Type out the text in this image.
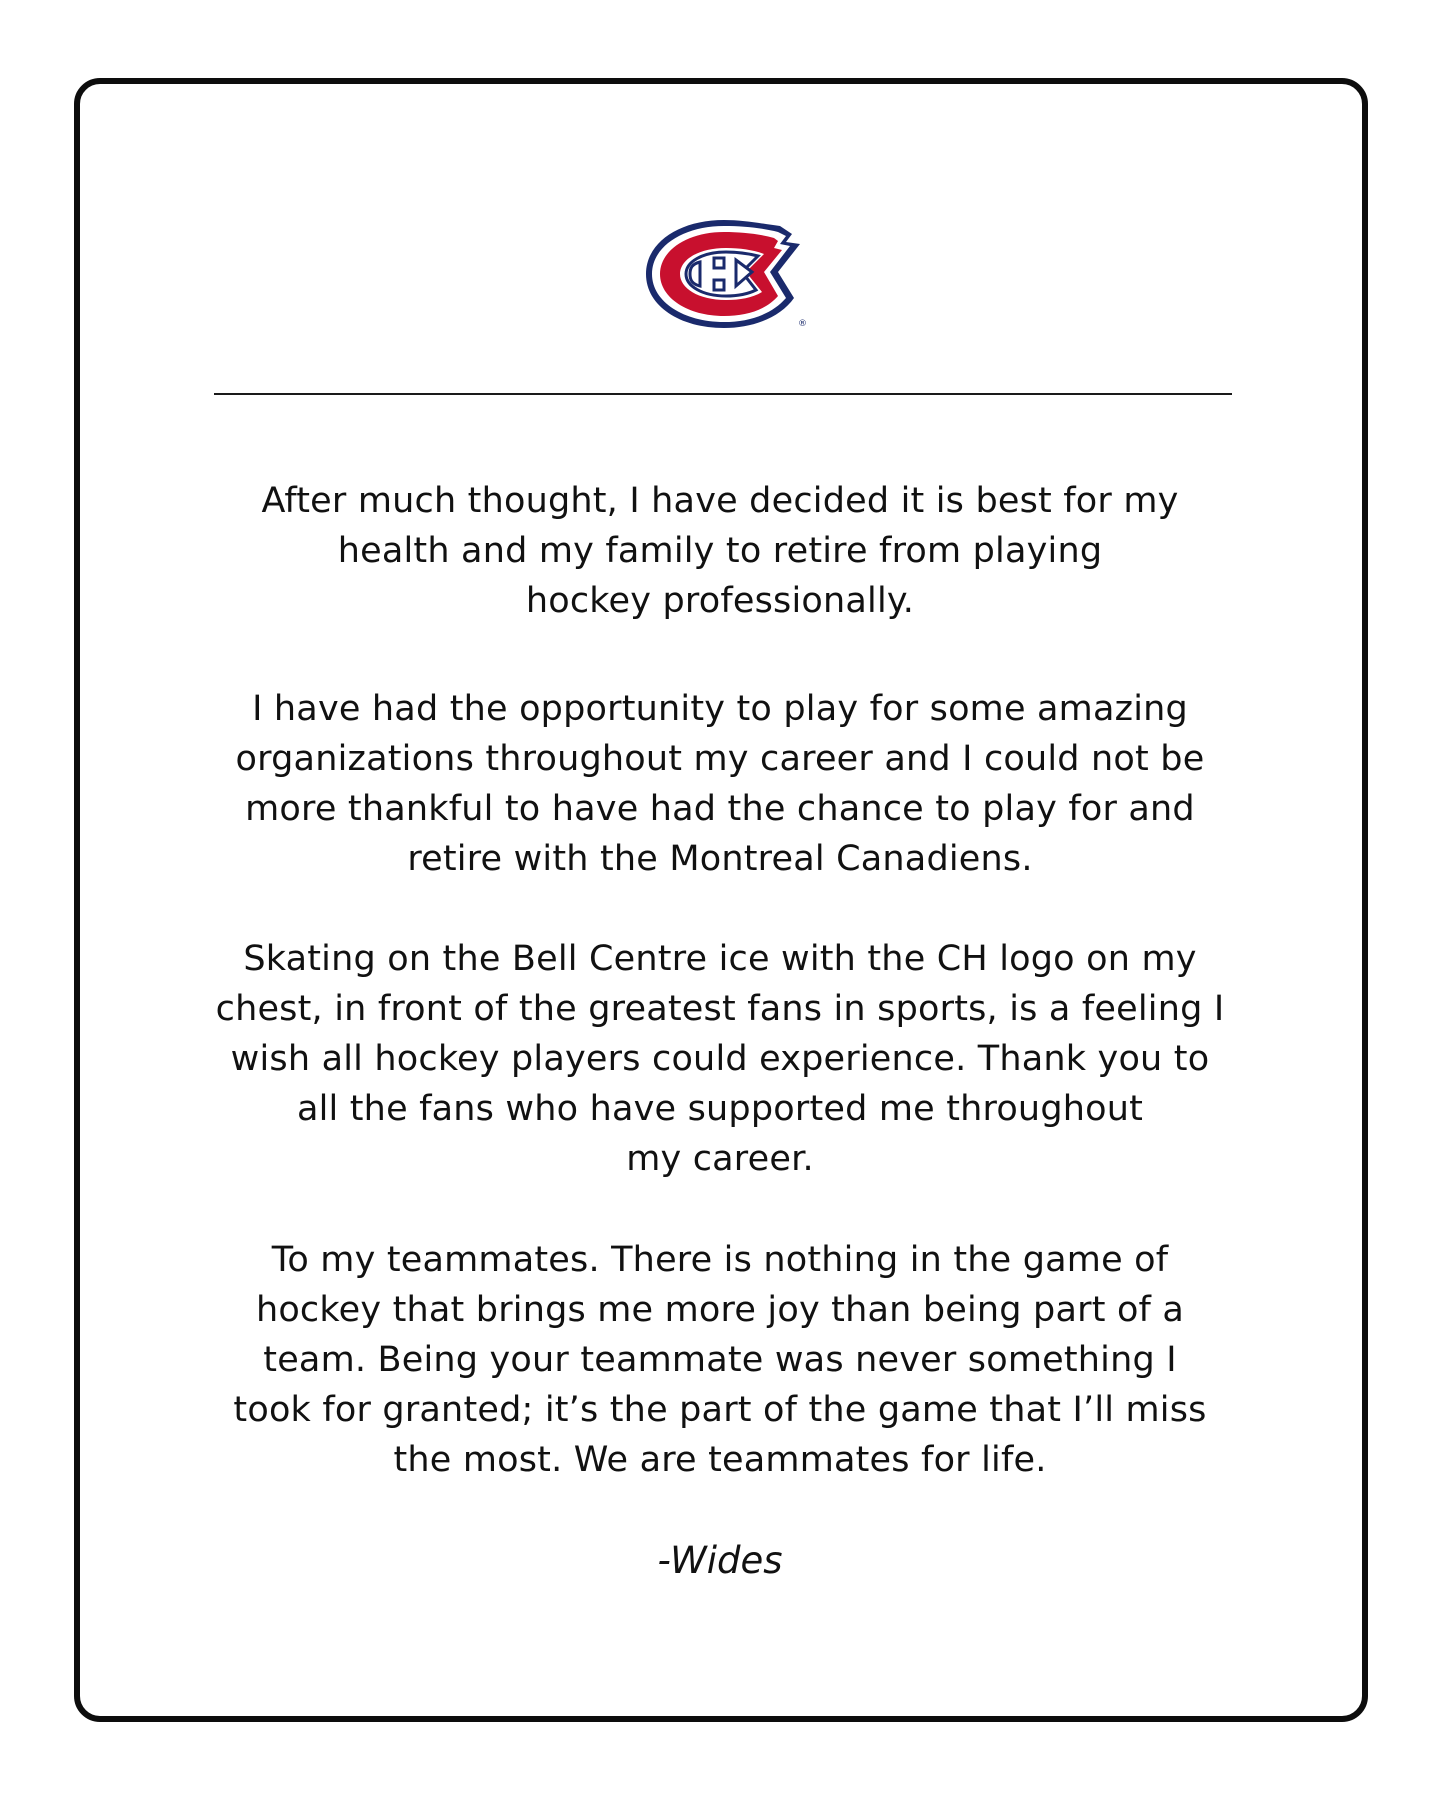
®
After much thought, I have decided it is best for my
health and my family to retire from playing
hockey professionally.
I have had the opportunity to play for some amazing
organizations throughout my career and I could not be
more thankful to have had the chance to play for and
retire with the Montreal Canadiens.
Skating on the Bell Centre ice with the CH logo on my
chest, in front of the greatest fans in sports, is a feeling I
wish all hockey players could experience. Thank you to
all the fans who have supported me throughout
my career.
To my teammates. There is nothing in the game of
hockey that brings me more joy than being part of a
team. Being your teammate was never something I
took for granted; it’s the part of the game that I’ll miss
the most. We are teammates for life.
-Wides
